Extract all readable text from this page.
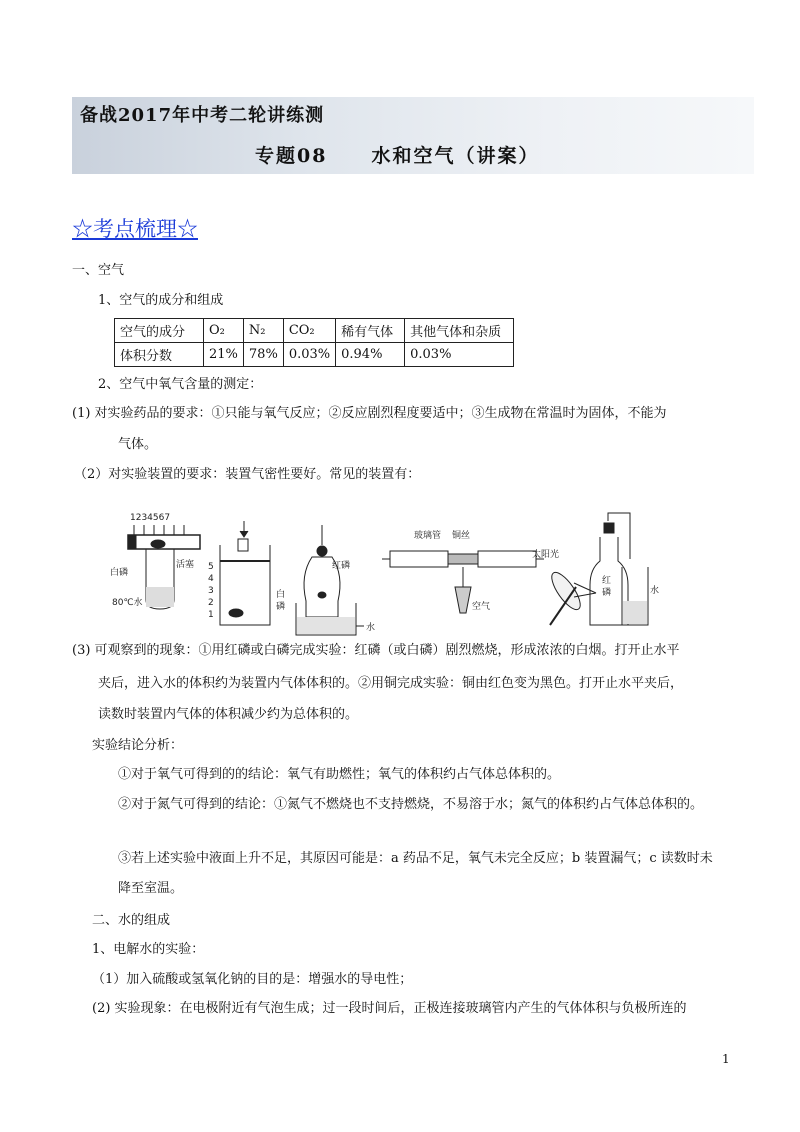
备战2017年中考二轮讲练测
专题08 水和空气（讲案）
☆考点梳理☆
一、空气
1、空气的成分和组成
空气的成分	O₂	N₂	CO₂	稀有气体	其他气体和杂质
体积分数	21%	78%	0.03%	0.94%	0.03%
2、空气中氧气含量的测定：
(1) 对实验药品的要求：①只能与氧气反应；②反应剧烈程度要适中；③生成物在常温时为固体，不能为
气体。
（2）对实验装置的要求：装置气密性要好。常见的装置有：
1234567
白磷
活塞
80℃水
5
4
3
2
1
白
磷
红磷
水
玻璃管 铜丝
空气
太阳光
红
磷	水
(3) 可观察到的现象：①用红磷或白磷完成实验：红磷（或白磷）剧烈燃烧，形成浓浓的白烟。打开止水平
夹后，进入水的体积约为装置内气体体积的。②用铜完成实验：铜由红色变为黑色。打开止水平夹后，
读数时装置内气体的体积减少约为总体积的。
实验结论分析：
①对于氧气可得到的的结论：氧气有助燃性；氧气的体积约占气体总体积的。
②对于氮气可得到的结论：①氮气不燃烧也不支持燃烧，不易溶于水；氮气的体积约占气体总体积的。
③若上述实验中液面上升不足，其原因可能是：a 药品不足，氧气未完全反应；b 装置漏气；c 读数时未
降至室温。
二、水的组成
1、电解水的实验：
（1）加入硫酸或氢氧化钠的目的是：增强水的导电性；
(2) 实验现象：在电极附近有气泡生成；过一段时间后，正极连接玻璃管内产生的气体体积与负极所连的
1
